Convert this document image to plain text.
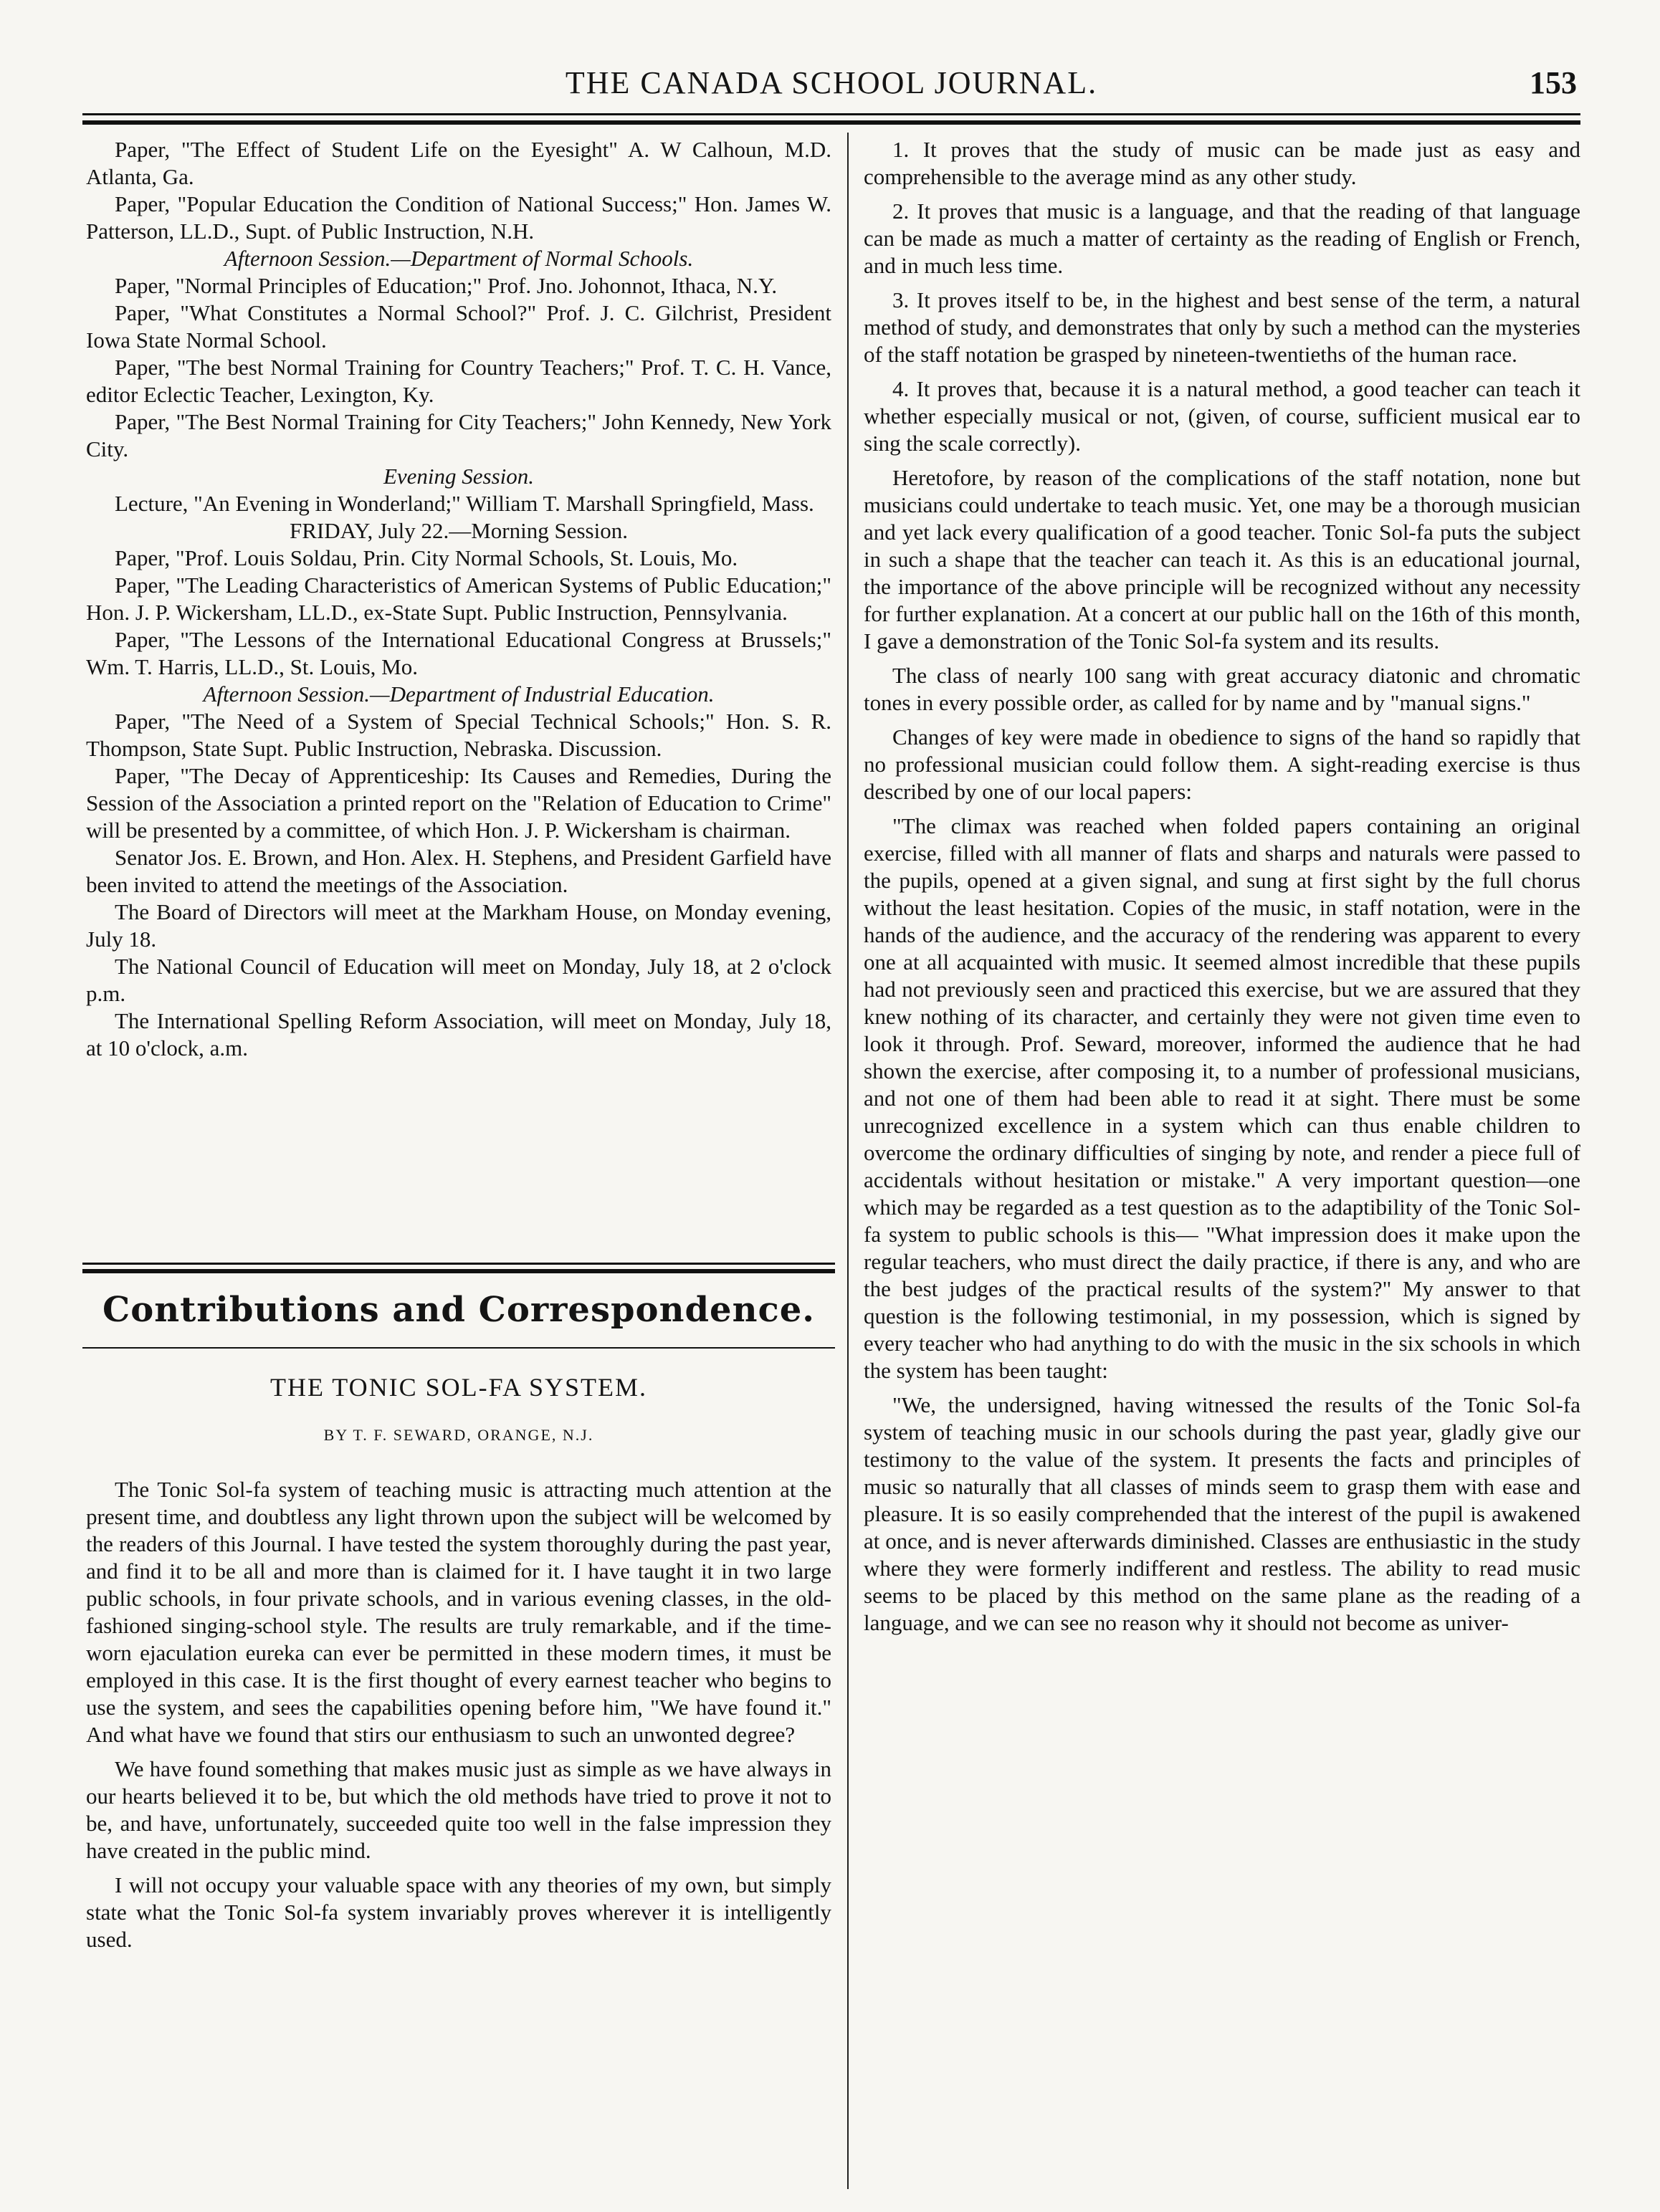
THE CANADA SCHOOL JOURNAL.	153

Paper, "The Effect of Student Life on the Eyesight" A. W Calhoun, M.D. Atlanta, Ga.

Paper, "Popular Education the Condition of National Success;" Hon. James W. Patterson, LL.D., Supt. of Public Instruction, N.H.

Afternoon Session.—Department of Normal Schools.

Paper, "Normal Principles of Education;" Prof. Jno. Johonnot, Ithaca, N.Y.

Paper, "What Constitutes a Normal School?" Prof. J. C. Gilchrist, President Iowa State Normal School.

Paper, "The best Normal Training for Country Teachers;" Prof. T. C. H. Vance, editor Eclectic Teacher, Lexington, Ky.

Paper, "The Best Normal Training for City Teachers;" John Kennedy, New York City.

Evening Session.

Lecture, "An Evening in Wonderland;" William T. Marshall Springfield, Mass.

FRIDAY, July 22.—Morning Session.

Paper, "Prof. Louis Soldau, Prin. City Normal Schools, St. Louis, Mo.

Paper, "The Leading Characteristics of American Systems of Public Education;" Hon. J. P. Wickersham, LL.D., ex-State Supt. Public Instruction, Pennsylvania.

Paper, "The Lessons of the International Educational Congress at Brussels;" Wm. T. Harris, LL.D., St. Louis, Mo.

Afternoon Session.—Department of Industrial Education.

Paper, "The Need of a System of Special Technical Schools;" Hon. S. R. Thompson, State Supt. Public Instruction, Nebraska. Discussion.

Paper, "The Decay of Apprenticeship: Its Causes and Remedies, During the Session of the Association a printed report on the "Relation of Education to Crime" will be presented by a committee, of which Hon. J. P. Wickersham is chairman.

Senator Jos. E. Brown, and Hon. Alex. H. Stephens, and President Garfield have been invited to attend the meetings of the Association.

The Board of Directors will meet at the Markham House, on Monday evening, July 18.

The National Council of Education will meet on Monday, July 18, at 2 o'clock p.m.

The International Spelling Reform Association, will meet on Monday, July 18, at 10 o'clock, a.m.

Contributions and Correspondence.
THE TONIC SOL-FA SYSTEM.
BY T. F. SEWARD, ORANGE, N.J.

The Tonic Sol-fa system of teaching music is attracting much attention at the present time, and doubtless any light thrown upon the subject will be welcomed by the readers of this Journal. I have tested the system thoroughly during the past year, and find it to be all and more than is claimed for it. I have taught it in two large public schools, in four private schools, and in various evening classes, in the old-fashioned singing-school style. The results are truly remarkable, and if the time-worn ejaculation eureka can ever be permitted in these modern times, it must be employed in this case. It is the first thought of every earnest teacher who begins to use the system, and sees the capabilities opening before him, "We have found it." And what have we found that stirs our enthusiasm to such an unwonted degree?

We have found something that makes music just as simple as we have always in our hearts believed it to be, but which the old methods have tried to prove it not to be, and have, unfortunately, succeeded quite too well in the false impression they have created in the public mind.

I will not occupy your valuable space with any theories of my own, but simply state what the Tonic Sol-fa system invariably proves wherever it is intelligently used.

1. It proves that the study of music can be made just as easy and comprehensible to the average mind as any other study.

2. It proves that music is a language, and that the reading of that language can be made as much a matter of certainty as the reading of English or French, and in much less time.

3. It proves itself to be, in the highest and best sense of the term, a natural method of study, and demonstrates that only by such a method can the mysteries of the staff notation be grasped by nineteen-twentieths of the human race.

4. It proves that, because it is a natural method, a good teacher can teach it whether especially musical or not, (given, of course, sufficient musical ear to sing the scale correctly).

Heretofore, by reason of the complications of the staff notation, none but musicians could undertake to teach music. Yet, one may be a thorough musician and yet lack every qualification of a good teacher. Tonic Sol-fa puts the subject in such a shape that the teacher can teach it. As this is an educational journal, the importance of the above principle will be recognized without any necessity for further explanation. At a concert at our public hall on the 16th of this month, I gave a demonstration of the Tonic Sol-fa system and its results.

The class of nearly 100 sang with great accuracy diatonic and chromatic tones in every possible order, as called for by name and by "manual signs."

Changes of key were made in obedience to signs of the hand so rapidly that no professional musician could follow them. A sight-reading exercise is thus described by one of our local papers:

"The climax was reached when folded papers containing an original exercise, filled with all manner of flats and sharps and naturals were passed to the pupils, opened at a given signal, and sung at first sight by the full chorus without the least hesitation. Copies of the music, in staff notation, were in the hands of the audience, and the accuracy of the rendering was apparent to every one at all acquainted with music. It seemed almost incredible that these pupils had not previously seen and practiced this exercise, but we are assured that they knew nothing of its character, and certainly they were not given time even to look it through. Prof. Seward, moreover, informed the audience that he had shown the exercise, after composing it, to a number of professional musicians, and not one of them had been able to read it at sight. There must be some unrecognized excellence in a system which can thus enable children to overcome the ordinary difficulties of singing by note, and render a piece full of accidentals without hesitation or mistake." A very important question—one which may be regarded as a test question as to the adaptibility of the Tonic Sol-fa system to public schools is this— "What impression does it make upon the regular teachers, who must direct the daily practice, if there is any, and who are the best judges of the practical results of the system?" My answer to that question is the following testimonial, in my possession, which is signed by every teacher who had anything to do with the music in the six schools in which the system has been taught:

"We, the undersigned, having witnessed the results of the Tonic Sol-fa system of teaching music in our schools during the past year, gladly give our testimony to the value of the system. It presents the facts and principles of music so naturally that all classes of minds seem to grasp them with ease and pleasure. It is so easily comprehended that the interest of the pupil is awakened at once, and is never afterwards diminished. Classes are enthusiastic in the study where they were formerly indifferent and restless. The ability to read music seems to be placed by this method on the same plane as the reading of a language, and we can see no reason why it should not become as univer-
